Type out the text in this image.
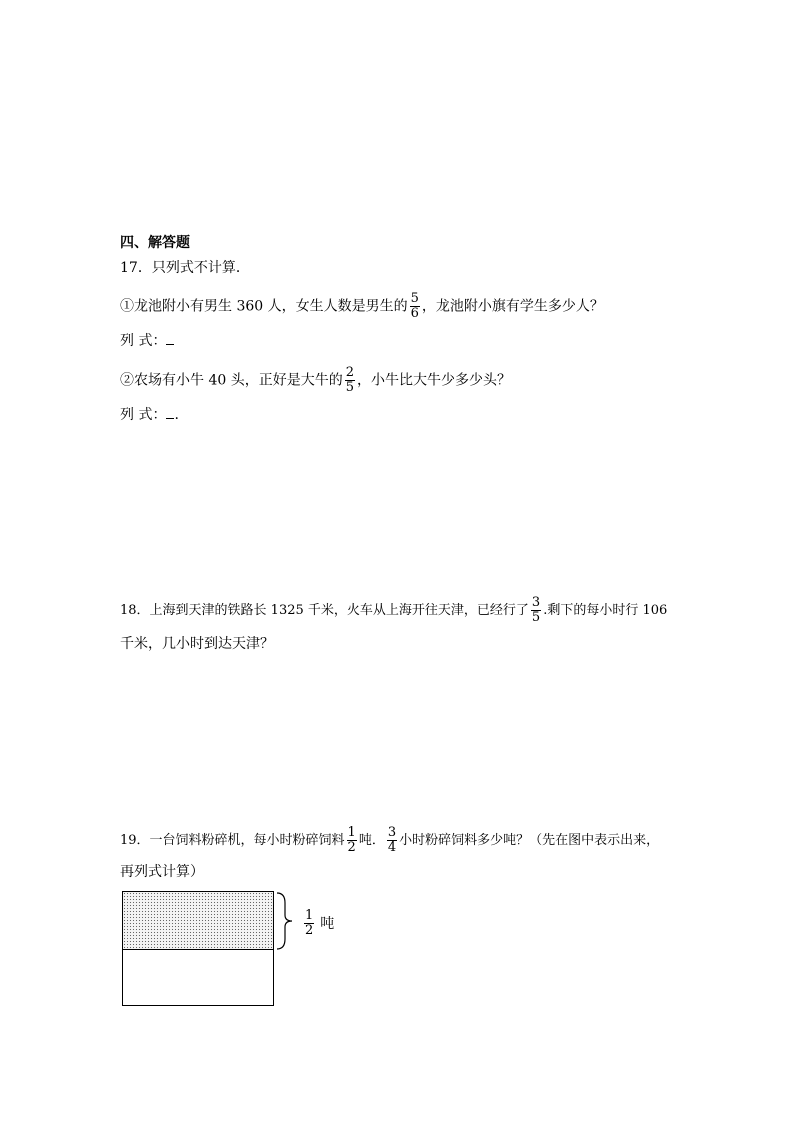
四、解答题
17．只列式不计算．
①龙池附小有男生 360 人，女生人数是男生的 $\frac{5}{6}$ ，龙池附小旗有学生多少人？
列 式：
②农场有小牛 40 头，正好是大牛的 $\frac{2}{5}$ ，小牛比大牛少多少头？
列 式： .
18．上海到天津的铁路长 1325 千米，火车从上海开往天津，已经行了 $\frac{3}{5}$ .剩下的每小时行 106
千米，几小时到达天津？
19．一台饲料粉碎机，每小时粉碎饲料 $\frac{1}{2}$ 吨． $\frac{3}{4}$ 小时粉碎饲料多少吨？（先在图中表示出来，
再列式计算）
$\frac{1}{2}$ 吨
